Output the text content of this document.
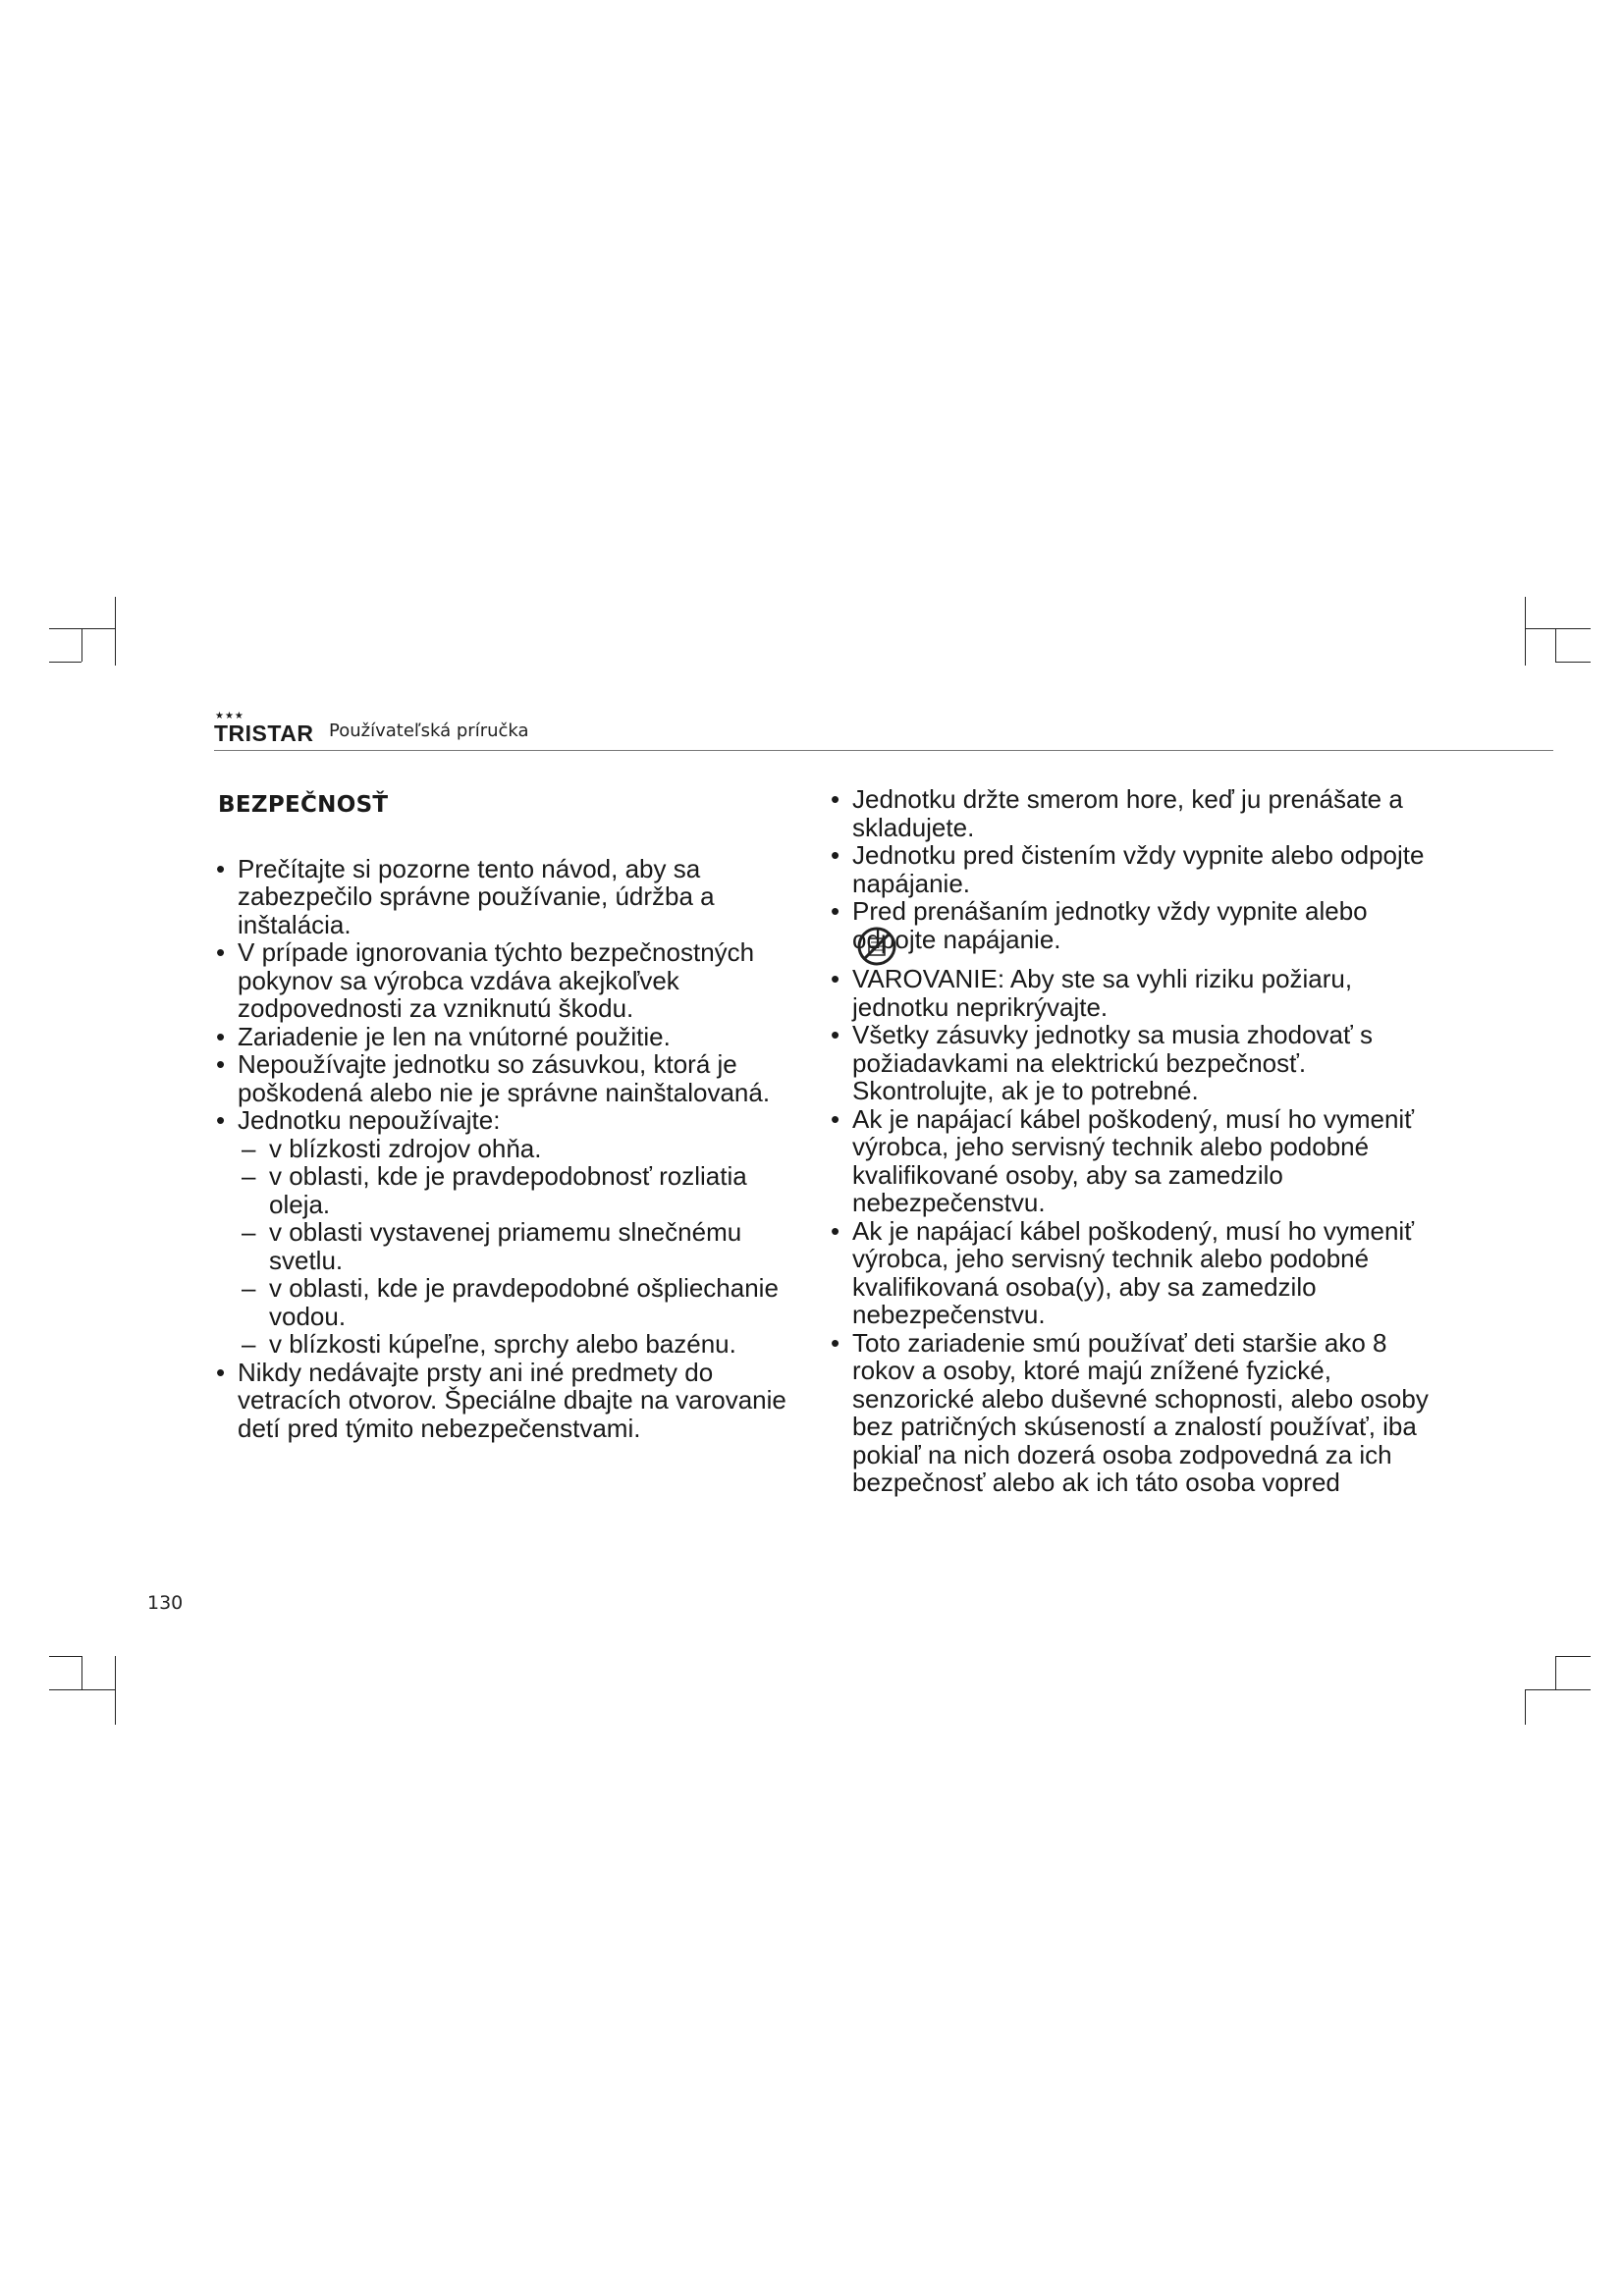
★★★
TRISTAR Používateľská príručka
BEZPEČNOSŤ

• Prečítajte si pozorne tento návod, aby sa zabezpečilo správne používanie, údržba a inštalácia.

• V prípade ignorovania týchto bezpečnostných pokynov sa výrobca vzdáva akejkoľvek zodpovednosti za vzniknutú škodu.

• Zariadenie je len na vnútorné použitie.

• Nepoužívajte jednotku so zásuvkou, ktorá je poškodená alebo nie je správne nainštalovaná.

• Jednotku nepoužívajte:

– v blízkosti zdrojov ohňa.

– v oblasti, kde je pravdepodobnosť rozliatia oleja.

– v oblasti vystavenej priamemu slnečnému svetlu.

– v oblasti, kde je pravdepodobné ošpliechanie vodou.

– v blízkosti kúpeľne, sprchy alebo bazénu.

• Nikdy nedávajte prsty ani iné predmety do vetracích otvorov. Špeciálne dbajte na varovanie detí pred týmito nebezpečenstvami.

• Jednotku držte smerom hore, keď ju prenášate a skladujete.

• Jednotku pred čistením vždy vypnite alebo odpojte napájanie.

• Pred prenášaním jednotky vždy vypnite alebo odpojte napájanie.

• VAROVANIE: Aby ste sa vyhli riziku požiaru, jednotku neprikrývajte.

• Všetky zásuvky jednotky sa musia zhodovať s požiadavkami na elektrickú bezpečnosť. Skontrolujte, ak je to potrebné.

• Ak je napájací kábel poškodený, musí ho vymeniť výrobca, jeho servisný technik alebo podobné kvalifikované osoby, aby sa zamedzilo nebezpečenstvu.

• Ak je napájací kábel poškodený, musí ho vymeniť výrobca, jeho servisný technik alebo podobné kvalifikovaná osoba(y), aby sa zamedzilo nebezpečenstvu.

• Toto zariadenie smú používať deti staršie ako 8 rokov a osoby, ktoré majú znížené fyzické, senzorické alebo duševné schopnosti, alebo osoby bez patričných skúseností a znalostí používať, iba pokiaľ na nich dozerá osoba zodpovedná za ich bezpečnosť alebo ak ich táto osoba vopred

130
